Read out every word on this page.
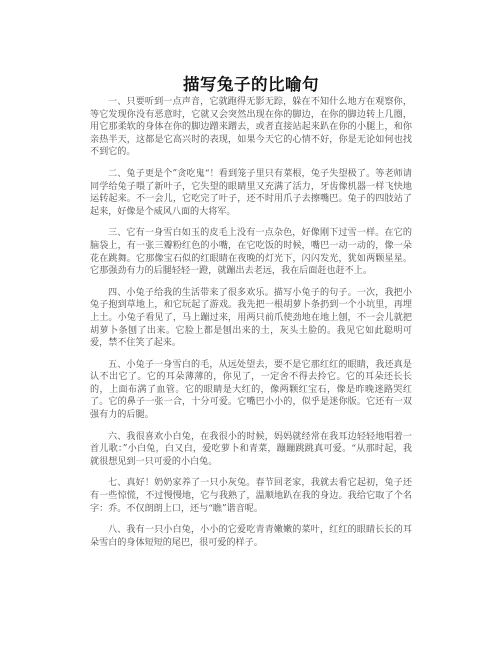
描写兔子的比喻句

一、只要听到一点声音，它就跑得无影无踪，躲在不知什么地方在观察你，等它发现你没有恶意时，它就又会突然出现在你的脚边，在你的脚边转上几圈，用它那柔软的身体在你的脚边蹭来蹭去，或者直接站起来趴在你的小腿上，和你亲热半天，这都是它高兴时的表现，如果今天它的心情不好，你是无论如何也找不到它的。

二、兔子更是个”贪吃鬼“！看到笼子里只有菜根，兔子失望极了。等老师请同学给兔子喂了新叶子，它失望的眼睛里又充满了活力，牙齿像机器一样飞快地运转起来。不一会儿，它吃完了叶子，还不时用爪子去擦嘴巴。兔子的四肢站了起来，好像是个威风八面的大将军。

三、它有一身雪白如玉的皮毛上没有一点杂色，好像刚下过雪一样。在它的脑袋上，有一张三瓣粉红色的小嘴，在它吃饭的时候，嘴巴一动一动的，像一朵花在跳舞。它那像宝石似的红眼睛在夜晚的灯光下，闪闪发光，犹如两颗星星。它那强劲有力的后腿轻轻一蹬，就蹦出去老远，我在后面赶也赶不上。

四、小兔子给我的生活带来了很多欢乐。描写小兔子的句子。一次，我把小兔子抱到草地上，和它玩起了游戏。我先把一根胡萝卜条扔到一个小坑里，再埋上土。小兔子看见了，马上蹦过来，用两只前爪使劲地在地上刨，不一会儿就把胡萝卜条刨了出来。它脸上都是刨出来的土，灰头土脸的。我见它如此聪明可爱，禁不住笑了起来。

五、小兔子一身雪白的毛，从远处望去，要不是它那红红的眼睛，我还真是认不出它了。它的耳朵薄薄的，你见了，一定舍不得去拎它。它的耳朵还长长的，上面布满了血管。它的眼睛是大红的，像两颗红宝石，像是昨晚迷路哭红了。它的鼻子一张一合，十分可爱。它嘴巴小小的，似乎是迷你版。它还有一双强有力的后腿。

六、我很喜欢小白兔，在我很小的时候，妈妈就经常在我耳边轻轻地唱着一首儿歌：”小白兔，白又白，爱吃萝卜和青菜，蹦蹦跳跳真可爱。“从那时起，我就很想见到一只可爱的小白兔。

七、真好！奶奶家养了一只小灰兔。春节回老家，我就去看它起初，兔子还有一些惊慌，不过慢慢地，它与我熟了，温顺地趴在我的身边。我给它取了个名字：乔。不仅朗朗上口，还与“瞧”谐音呢。

八、我有一只小白兔，小小的它爱吃青青嫩嫩的菜叶，红红的眼睛长长的耳朵雪白的身体短短的尾巴，很可爱的样子。
